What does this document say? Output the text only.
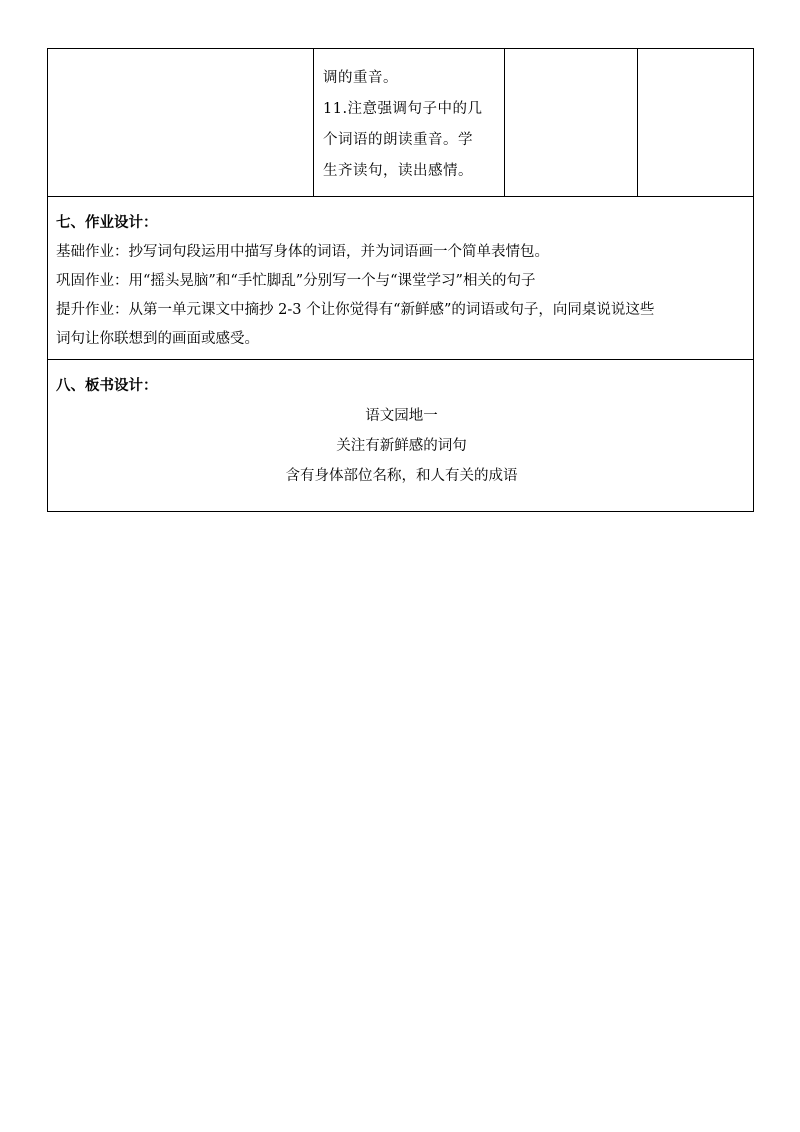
调的重音。
11.注意强调句子中的几
个词语的朗读重音。学
生齐读句，读出感情。

七、作业设计：
基础作业：抄写词句段运用中描写身体的词语，并为词语画一个简单表情包。
巩固作业：用“摇头晃脑”和“手忙脚乱”分别写一个与“课堂学习”相关的句子
提升作业：从第一单元课文中摘抄 2-3 个让你觉得有“新鲜感”的词语或句子，向同桌说说这些
词句让你联想到的画面或感受。

八、板书设计：
语文园地一
关注有新鲜感的词句
含有身体部位名称，和人有关的成语
